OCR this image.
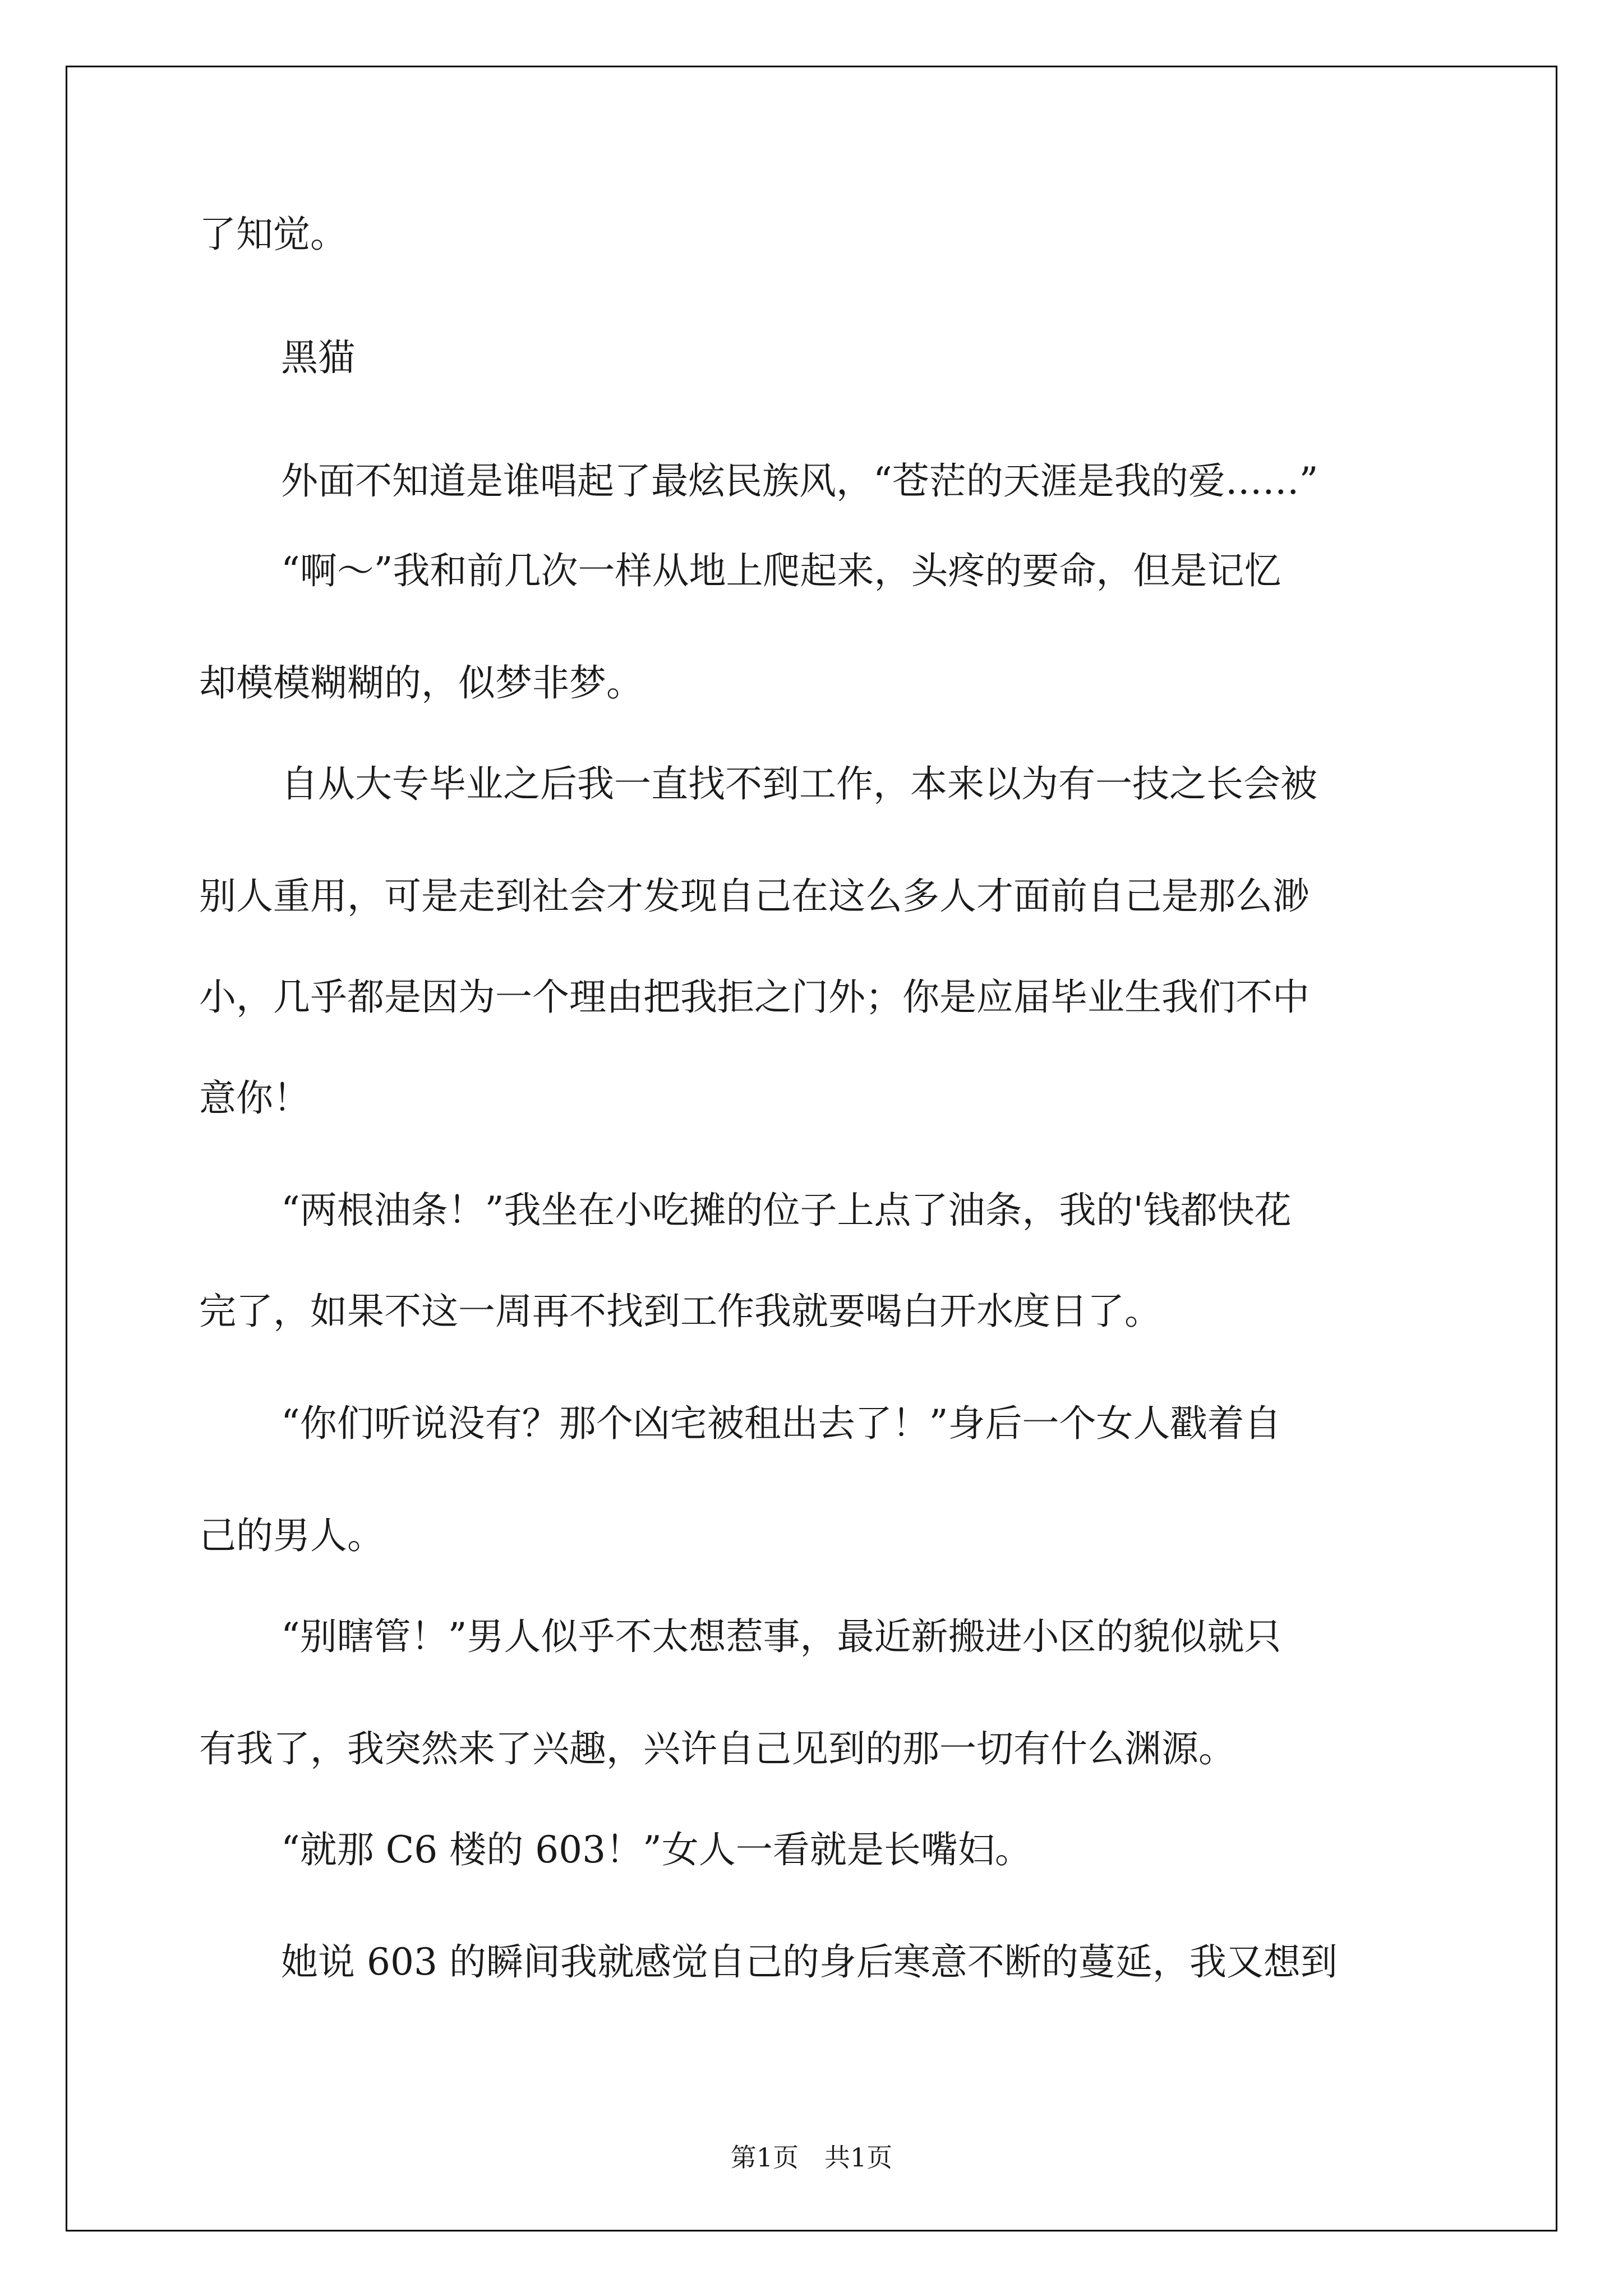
了知觉。
黑猫
外面不知道是谁唱起了最炫民族风，“苍茫的天涯是我的爱……”
“啊～”我和前几次一样从地上爬起来，头疼的要命，但是记忆
却模模糊糊的，似梦非梦。
自从大专毕业之后我一直找不到工作，本来以为有一技之长会被
别人重用，可是走到社会才发现自己在这么多人才面前自己是那么渺
小，几乎都是因为一个理由把我拒之门外；你是应届毕业生我们不中
意你！
“两根油条！”我坐在小吃摊的位子上点了油条，我的'钱都快花
完了，如果不这一周再不找到工作我就要喝白开水度日了。
“你们听说没有？那个凶宅被租出去了！”身后一个女人戳着自
己的男人。
“别瞎管！”男人似乎不太想惹事，最近新搬进小区的貌似就只
有我了，我突然来了兴趣，兴许自己见到的那一切有什么渊源。
“就那 C6 楼的 603！”女人一看就是长嘴妇。
她说 603 的瞬间我就感觉自己的身后寒意不断的蔓延，我又想到
第1页　共1页
